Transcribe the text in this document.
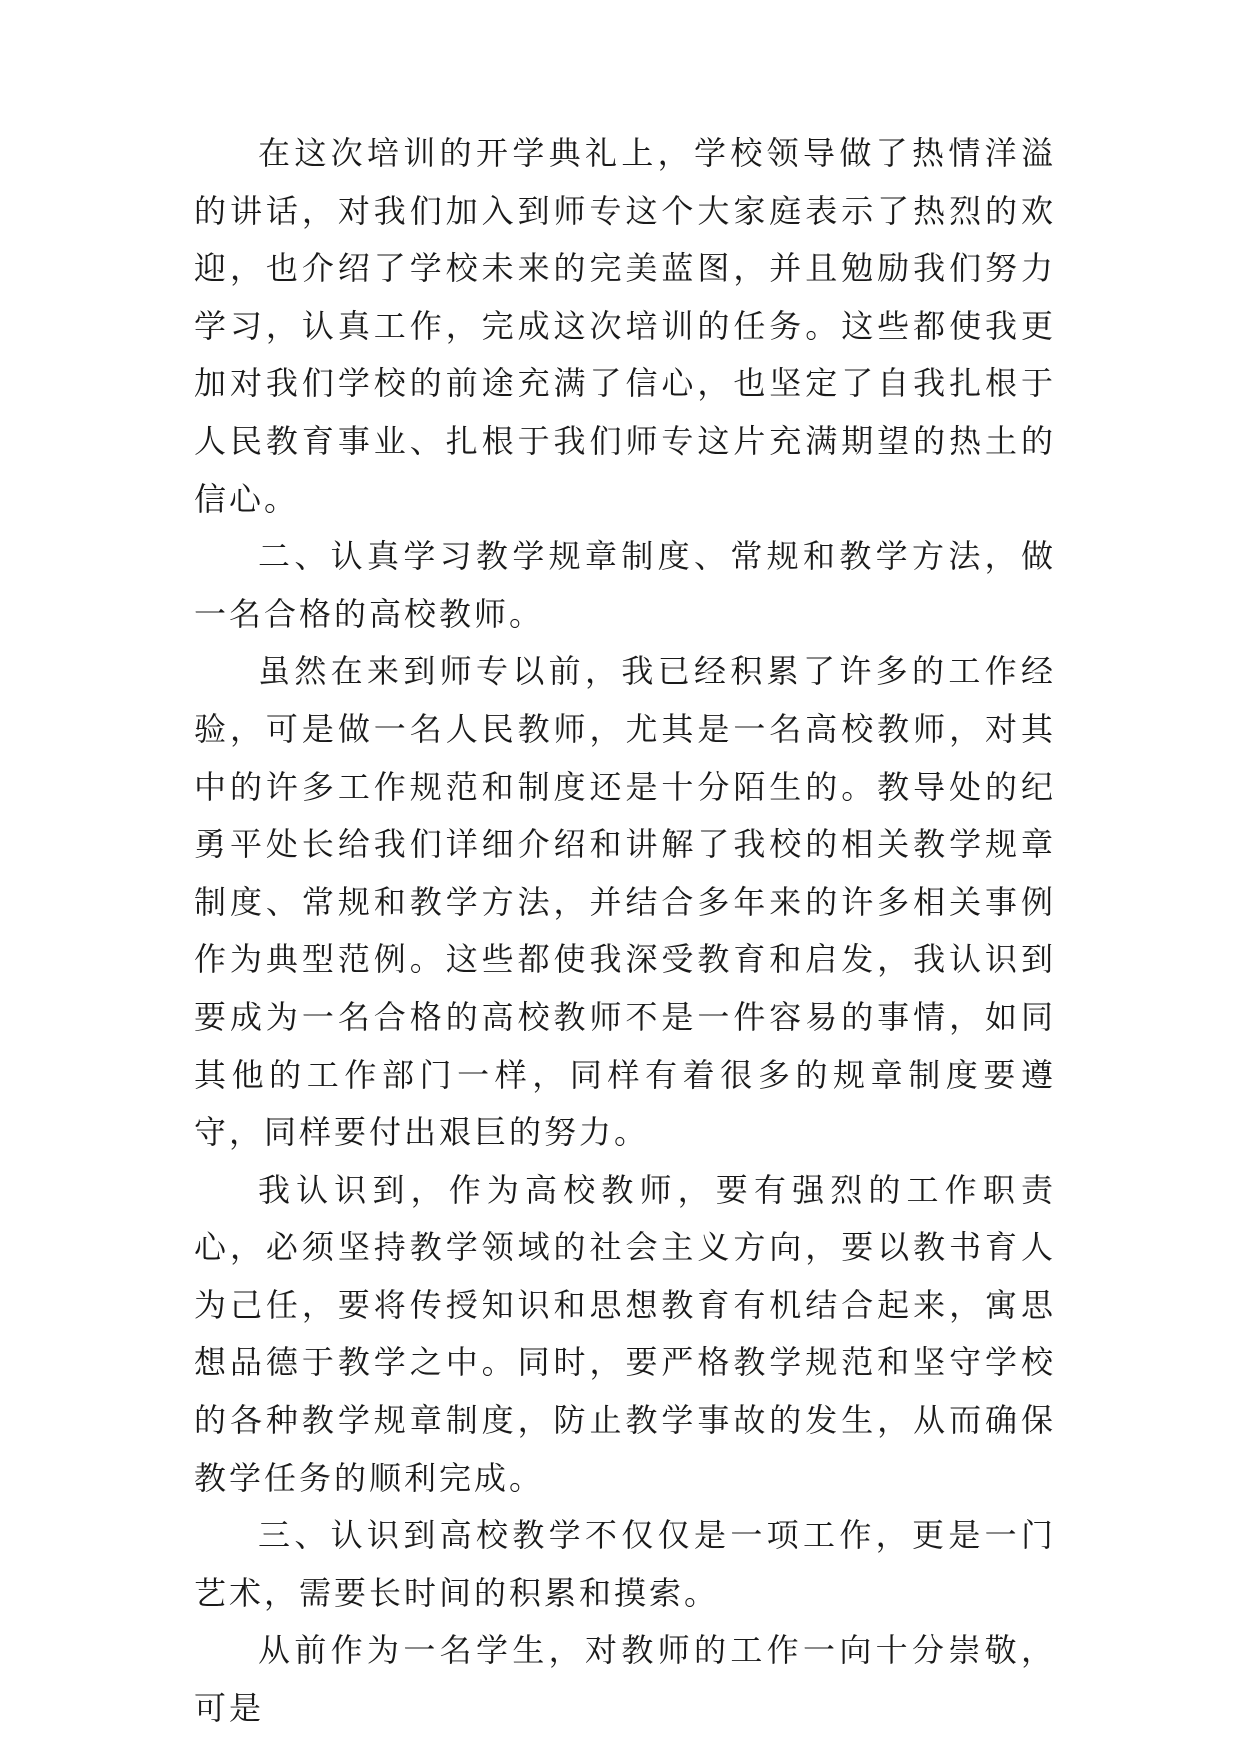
在这次培训的开学典礼上，学校领导做了热情洋溢的讲话，对我们加入到师专这个大家庭表示了热烈的欢迎，也介绍了学校未来的完美蓝图，并且勉励我们努力学习，认真工作，完成这次培训的任务。这些都使我更加对我们学校的前途充满了信心，也坚定了自我扎根于人民教育事业、扎根于我们师专这片充满期望的热土的信心。

二、认真学习教学规章制度、常规和教学方法，做一名合格的高校教师。

虽然在来到师专以前，我已经积累了许多的工作经验，可是做一名人民教师，尤其是一名高校教师，对其中的许多工作规范和制度还是十分陌生的。教导处的纪勇平处长给我们详细介绍和讲解了我校的相关教学规章制度、常规和教学方法，并结合多年来的许多相关事例作为典型范例。这些都使我深受教育和启发，我认识到要成为一名合格的高校教师不是一件容易的事情，如同其他的工作部门一样，同样有着很多的规章制度要遵守，同样要付出艰巨的努力。

我认识到，作为高校教师，要有强烈的工作职责心，必须坚持教学领域的社会主义方向，要以教书育人为己任，要将传授知识和思想教育有机结合起来，寓思想品德于教学之中。同时，要严格教学规范和坚守学校的各种教学规章制度，防止教学事故的发生，从而确保教学任务的顺利完成。

三、认识到高校教学不仅仅是一项工作，更是一门艺术，需要长时间的积累和摸索。

从前作为一名学生，对教师的工作一向十分崇敬，可是
